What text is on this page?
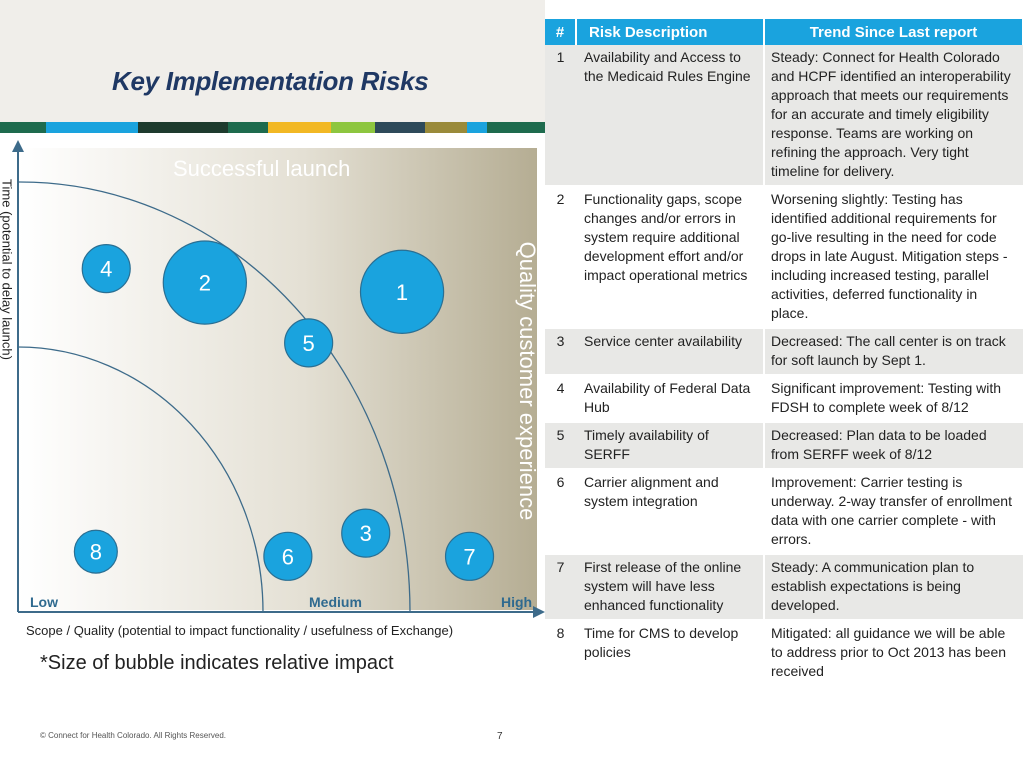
Key Implementation Risks
1
2
3
4
5
6	7
8
Successful launch
Quality customer experience
Low	Medium	High
Time (potential to delay launch)
Scope / Quality (potential to impact functionality / usefulness of Exchange)
*Size of bubble indicates relative impact
© Connect for Health Colorado. All Rights Reserved.	7
#	Risk Description	Trend Since Last report
1	Availability and Access to the Medicaid Rules Engine	Steady: Connect for Health Colorado and HCPF identified an interoperability approach that meets our requirements for an accurate and timely eligibility response. Teams are working on refining the approach. Very tight timeline for delivery.
2	Functionality gaps, scope changes and/or errors in system require additional development effort and/or impact operational metrics	Worsening slightly: Testing has identified additional requirements for go-live resulting in the need for code drops in late August. Mitigation steps - including increased testing, parallel activities, deferred functionality in place.
3	Service center availability	Decreased: The call center is on track for soft launch by Sept 1.
4	Availability of Federal Data Hub	Significant improvement: Testing with FDSH to complete week of 8/12
5	Timely availability of SERFF	Decreased: Plan data to be loaded from SERFF week of 8/12
6	Carrier alignment and system integration	Improvement: Carrier testing is underway. 2-way transfer of enrollment data with one carrier complete - with errors.
7	First release of the online system will have less enhanced functionality	Steady: A communication plan to establish expectations is being developed.
8	Time for CMS to develop policies	Mitigated: all guidance we will be able to address prior to Oct 2013 has been received
